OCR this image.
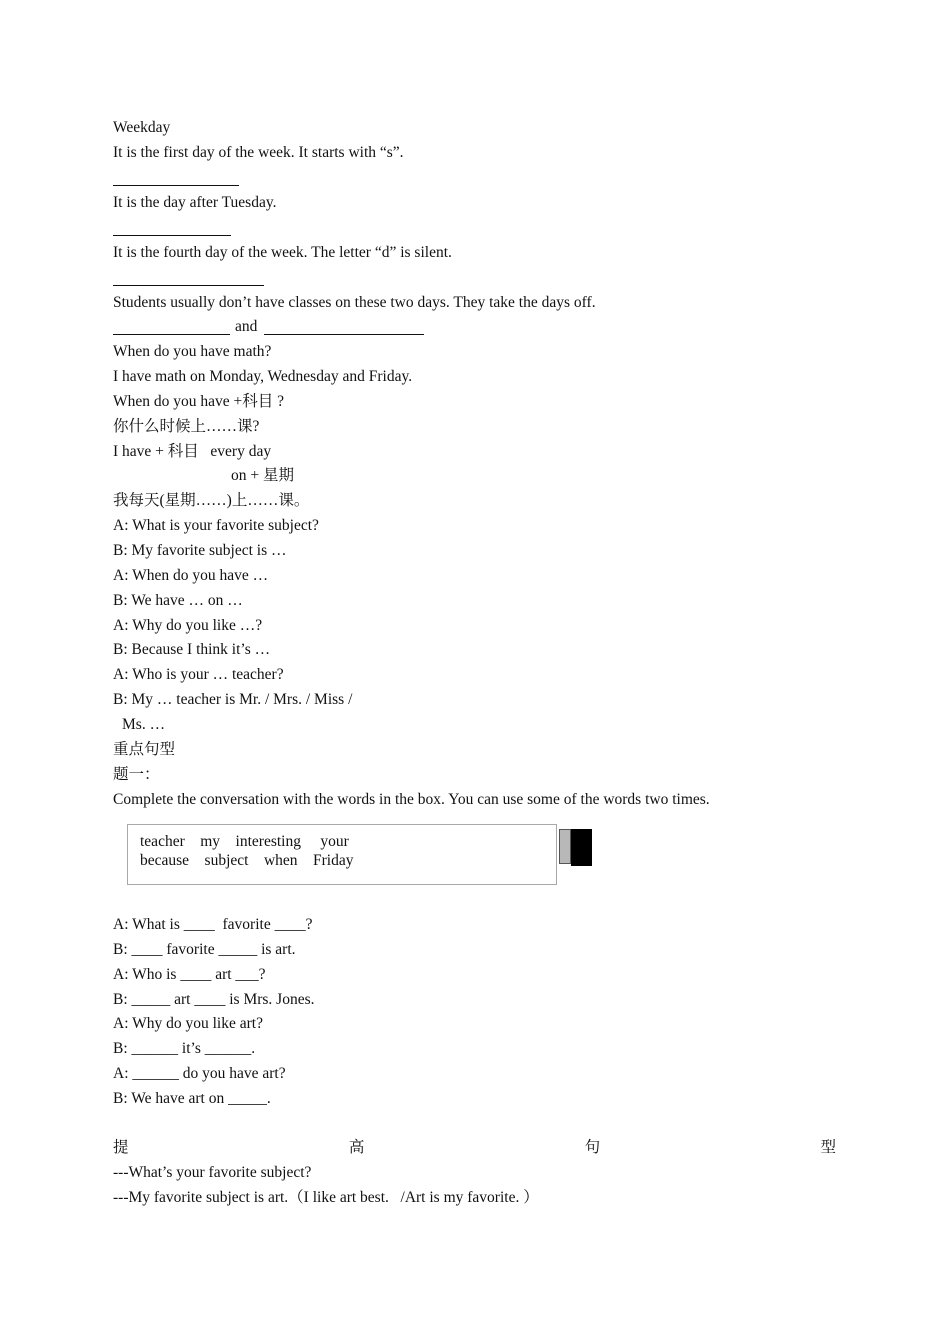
Weekday
It is the first day of the week. It starts with “s”.
It is the day after Tuesday.
It is the fourth day of the week. The letter “d” is silent.
Students usually don’t have classes on these two days. They take the days off.
and
When do you have math?
I have math on Monday, Wednesday and Friday.
When do you have +科目 ?
你什么时候上……课?
I have + 科目   every day
on + 星期
我每天(星期……)上……课。
A: What is your favorite subject?
B: My favorite subject is …
A: When do you have …
B: We have … on …
A: Why do you like …?
B: Because I think it’s …
A: Who is your … teacher?
B: My … teacher is Mr. / Mrs. / Miss /
Ms. …
重点句型
题一：
Complete the conversation with the words in the box. You can use some of the words two times.
teacher    my    interesting     your
because    subject    when    Friday
A: What is ____  favorite ____?
B: ____ favorite _____ is art.
A: Who is ____ art ___?
B: _____ art ____ is Mrs. Jones.
A: Why do you like art?
B: ______ it’s ______.
A: ______ do you have art?
B: We have art on _____.
提	高	句	型
---What’s your favorite subject?
---My favorite subject is art.（I like art best.   /Art is my favorite. ）
